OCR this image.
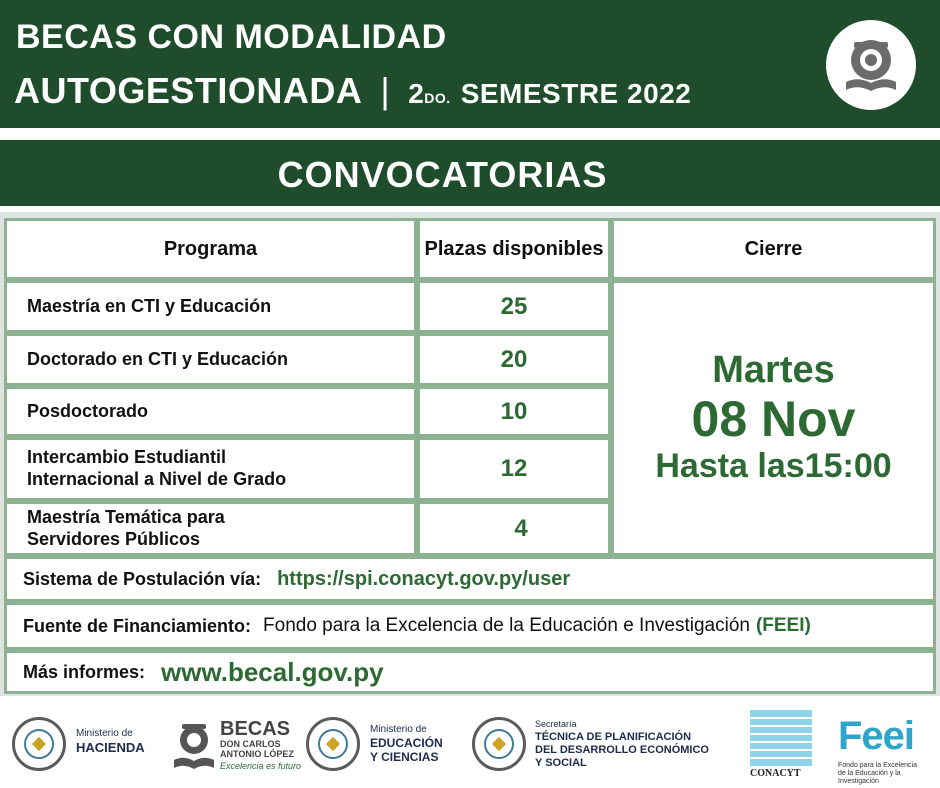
BECAS CON MODALIDAD
AUTOGESTIONADA | 2DO. SEMESTRE 2022
CONVOCATORIAS
Programa	Plazas disponibles	Cierre
Maestría en CTI y Educación	25
Doctorado en CTI y Educación	20
Posdoctorado	10
Intercambio Estudiantil Internacional a Nivel de Grado	12
Maestría Temática para Servidores Públicos	4
Martes
08 Nov
Hasta las15:00
Sistema de Postulación vía: https://spi.conacyt.gov.py/user
Fuente de Financiamiento: Fondo para la Excelencia de la Educación e Investigación (FEEI)
Más informes: www.becal.gov.py
Ministerio de
HACIENDA
BECAS
DON CARLOS
ANTONIO LÓPEZ
Excelencia es futuro
Ministerio de
EDUCACIÓN
Y CIENCIAS
Secretaría
TÉCNICA DE PLANIFICACIÓN
DEL DESARROLLO ECONÓMICO
Y SOCIAL
CONACYT
Feei
Fondo para la Excelencia
de la Educación y la Investigación
